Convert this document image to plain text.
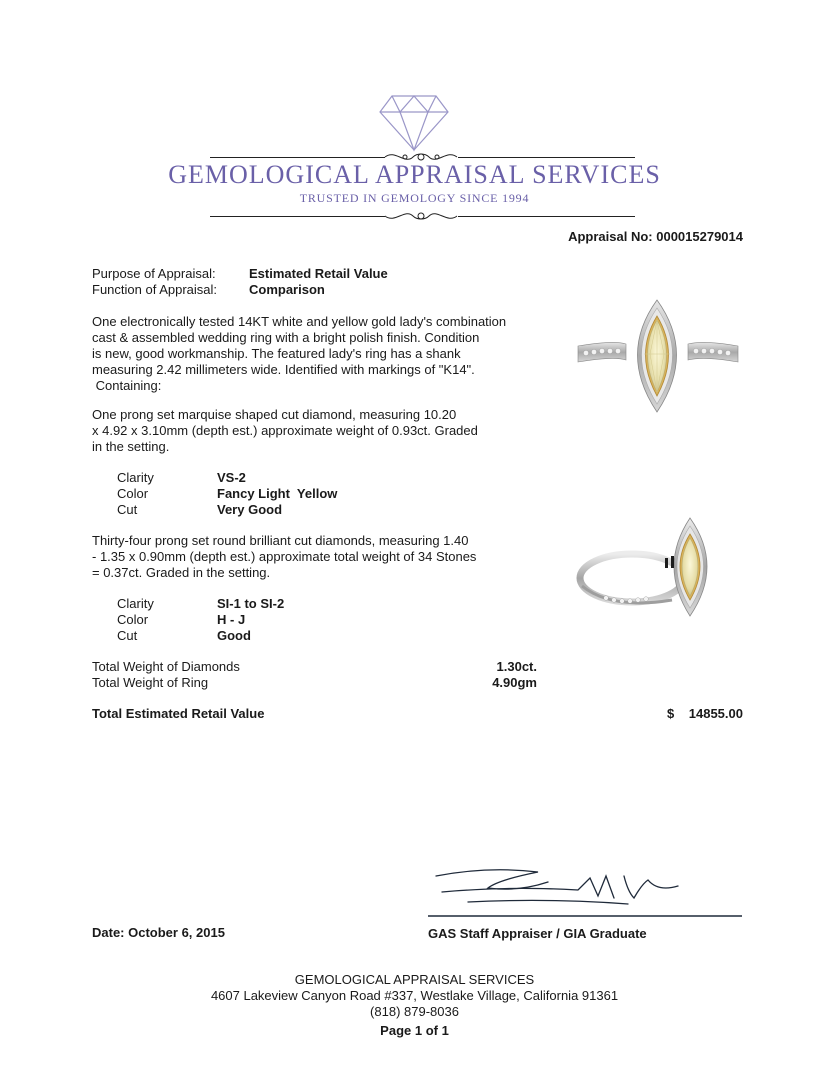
GEMOLOGICAL APPRAISAL SERVICES
TRUSTED IN GEMOLOGY SINCE 1994
Appraisal No: 000015279014
Purpose of Appraisal:	Estimated Retail Value
Function of Appraisal: Comparison
One electronically tested 14KT white and yellow gold lady's combination
cast & assembled wedding ring with a bright polish finish. Condition
is new, good workmanship. The featured lady's ring has a shank
measuring 2.42 millimeters wide. Identified with markings of "K14".
Containing:
One prong set marquise shaped cut diamond, measuring 10.20
x 4.92 x 3.10mm (depth est.) approximate weight of 0.93ct. Graded
in the setting.
Clarity	VS-2
Color	Fancy Light  Yellow
Cut	Very Good
Thirty-four prong set round brilliant cut diamonds, measuring 1.40
- 1.35 x 0.90mm (depth est.) approximate total weight of 34 Stones
= 0.37ct. Graded in the setting.
Clarity	SI-1 to SI-2
Color	H - J
Cut	Good
Total Weight of Diamonds	1.30ct.
Total Weight of Ring	4.90gm
Total Estimated Retail Value	$ 14855.00
Date: October 6, 2015	GAS Staff Appraiser / GIA Graduate
GEMOLOGICAL APPRAISAL SERVICES
4607 Lakeview Canyon Road #337, Westlake Village, California 91361
(818) 879-8036
Page 1 of 1
